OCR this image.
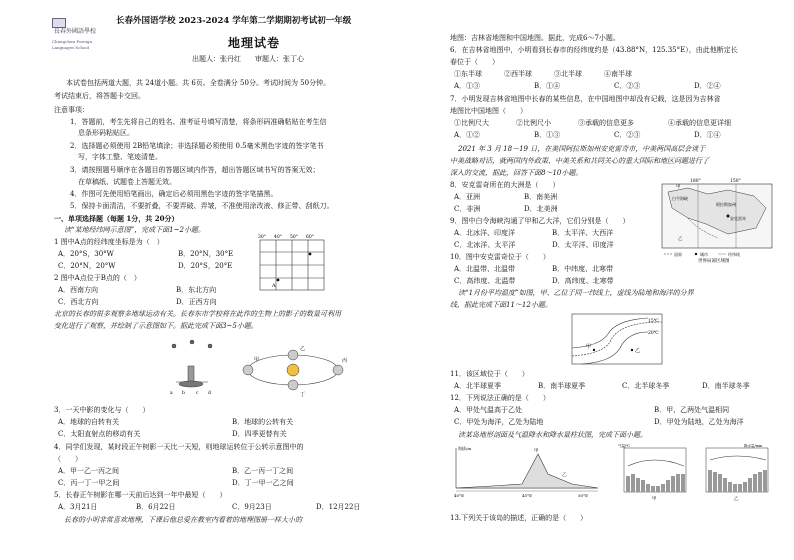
長春外國語學校
Changchun Foreign Languages School
长春外国语学校 2023-2024 学年第二学期期初考试初一年级
地理试卷
出题人：张丹红　　审题人：张丁心
本试卷包括两道大题，共 24道小题。共 6页。全卷满分 50分。考试时间为 50分钟。
考试结束后，将答题卡交回。
注意事项：
1．答题前，考生先将自己的姓名、准考证号填写清楚，将条形码准确粘贴在考生信
息条形码粘贴区。
2．选择题必须使用 2B铅笔填涂；非选择题必须使用 0.5毫米黑色字迹的签字笔书
写，字体工整、笔迹清楚。
3．请按照题号顺序在各题目的答题区域内作答，超出答题区域书写的答案无效；
在草稿纸、试题卷上答题无效。
4．作图可先使用铅笔画出，确定后必须用黑色字迹的签字笔描黑。
5．保持卡面清洁，不要折叠，不要弄破、弄皱，不准使用涂改液、修正带、刮纸刀。
一、单项选择题（每题 1分，共 20分）
读“某地经纬网示意图”，完成下面1~2小题。
1 图中A点的经纬度坐标是为（　）
A．20°S，30°W	B．20°N，30°E
C．20°N，20°W	D．20°S，20°E
2 图中A点位于B点的（　）
A．西南方向	B．东北方向
C．西北方向	D．正西方向
30° 40° 50° 60°
A
北京的长春的很多观察多地球运动有关。长春东市学校将在此作的生物上的影子的数量可利用
变化进行了观察，并绘制了示意图如下。据此完成下面3~5小题。
甲
乙
丙
丁
a b c d
3．一天中影的变化与（　　）
A．地球的自转有关	B．地球的公转有关
C．太阳直射点的移动有关	D．四季更替有关
4．同学们发现，某时段正午树影一天比一天短，则地球运转位于公转示意图中的
（　　）
A．甲一乙一丙之间	B．乙一丙一丁之间
C．丙一丁一甲之间	D．丁一甲一乙之间
5．长春正午树影在哪一天前后达到一年中最短（　　）
A．3月21日	B．6月22日	C．9月23日	D．12月22日
长春的小明非常喜欢地理，下课后他总爱在教室内看着的地理图册一样大小的
地图：吉林省地图和中国地图。据此，完成6～7小题。
6．在吉林省地图中，小明看到长春市的经纬度约是（43.88°N，125.35°E），由此他断定长
春位于（　　）
①东半球	②西半球	③北半球	④南半球
A．①③	B．①④	C．②③	D．②④
7．小明发现吉林省地图中长春的某些信息，在中国地图中却没有记载，这是因为吉林省
地图比中国地图（　　）
①比例尺大	②比例尺小	③承载的信息更多	④承载的信息更详细
A．①②	B．①③	C．②③	D．①④
2021 年 3 月 18－19 日，在美国阿拉斯加州安克雷奇市，中美两国高层会谈于
中美战略对话，就两国内外政策、中美关系和共同关心的重大国际和地区问题进行了
深入的交流，据此，回答下面8～10小题。
8．安克雷奇所在的大洲是（　　）
A．亚洲	B．南美洲
C．非洲	D．北美洲
9．图中白令海峡沟通了甲和乙大洋，它们分别是（　　）
A．北冰洋、印度洋	B．太平洋、大西洋
C．北冰洋、太平洋	D．太平洋、印度洋
10．图中安克雷奇位于（　　）
A．北温带、北温带	B．中纬度、北寒带
C．高纬度、北温带	D．高纬度、北寒带
180°	150°
白令海峡
阿拉斯加州
安克雷奇
甲
乙
国界	城市	经纬线
世界局部区域图
读“1月份平均温度”如图，甲、乙位于同一纬线上，虚线为陆地和海洋的分界
线，据此完成下面11～12小题。
15℃
20℃
甲
乙
11．该区域位于（　　）
A．北半球夏季	B．南半球夏季	C．北半球冬季	D．南半球冬季
12．下列说法正确的是（　　）
A．甲处气温高于乙处	B．甲、乙两处气温相同
C．甲处为海洋，乙处为陆地	D．甲处为陆地，乙处为海洋
读某岛地形剖面及气温降水和降水量柱状图，完成下面小题。
海拔/m
甲
乙
45°E	50°E
40°E
气温/℃
甲
降水量/mm
乙
13.下列关于该岛的描述，正确的是（　　）
